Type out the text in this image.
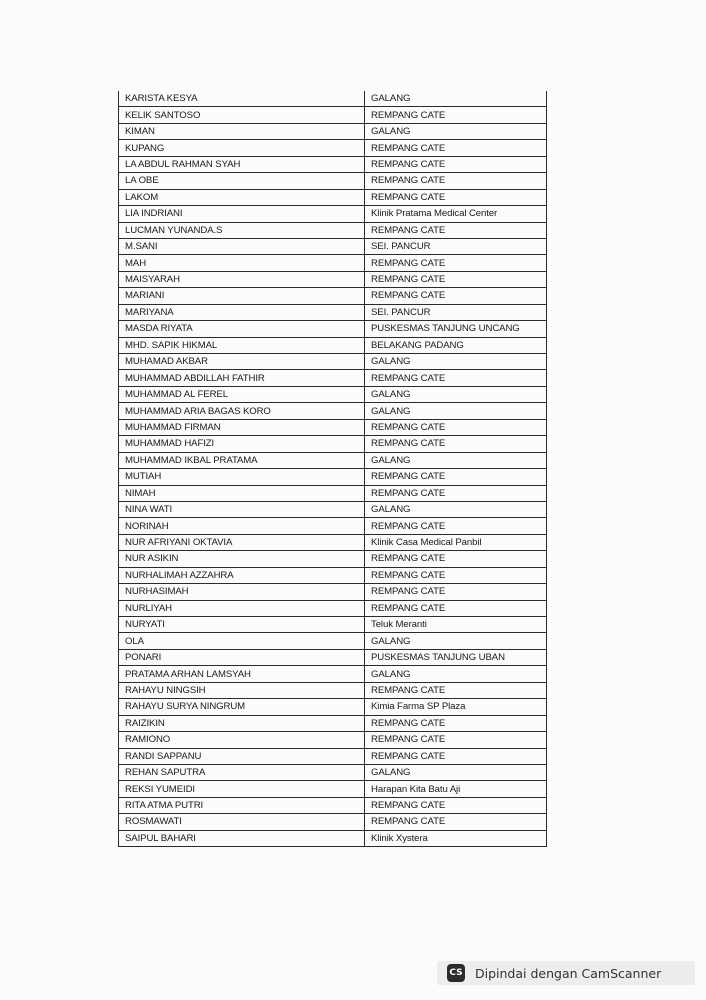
KARISTA KESYA	GALANG
KELIK SANTOSO	REMPANG CATE
KIMAN	GALANG
KUPANG	REMPANG CATE
LA ABDUL RAHMAN SYAH	REMPANG CATE
LA OBE	REMPANG CATE
LAKOM	REMPANG CATE
LIA INDRIANI	Klinik Pratama Medical Center
LUCMAN YUNANDA.S	REMPANG CATE
M.SANI	SEI. PANCUR
MAH	REMPANG CATE
MAISYARAH	REMPANG CATE
MARIANI	REMPANG CATE
MARIYANA	SEI. PANCUR
MASDA RIYATA	PUSKESMAS TANJUNG UNCANG
MHD. SAPIK HIKMAL	BELAKANG PADANG
MUHAMAD AKBAR	GALANG
MUHAMMAD ABDILLAH FATHIR	REMPANG CATE
MUHAMMAD AL FEREL	GALANG
MUHAMMAD ARIA BAGAS KORO	GALANG
MUHAMMAD FIRMAN	REMPANG CATE
MUHAMMAD HAFIZI	REMPANG CATE
MUHAMMAD IKBAL PRATAMA	GALANG
MUTIAH	REMPANG CATE
NIMAH	REMPANG CATE
NINA WATI	GALANG
NORINAH	REMPANG CATE
NUR AFRIYANI OKTAVIA	Klinik Casa Medical Panbil
NUR ASIKIN	REMPANG CATE
NURHALIMAH AZZAHRA	REMPANG CATE
NURHASIMAH	REMPANG CATE
NURLIYAH	REMPANG CATE
NURYATI	Teluk Meranti
OLA	GALANG
PONARI	PUSKESMAS TANJUNG UBAN
PRATAMA ARHAN LAMSYAH	GALANG
RAHAYU NINGSIH	REMPANG CATE
RAHAYU SURYA NINGRUM	Kimia Farma SP Plaza
RAIZIKIN	REMPANG CATE
RAMIONO	REMPANG CATE
RANDI SAPPANU	REMPANG CATE
REHAN SAPUTRA	GALANG
REKSI YUMEIDI	Harapan Kita Batu Aji
RITA ATMA PUTRI	REMPANG CATE
ROSMAWATI	REMPANG CATE
SAIPUL BAHARI	Klinik Xystera
CS Dipindai dengan CamScanner
